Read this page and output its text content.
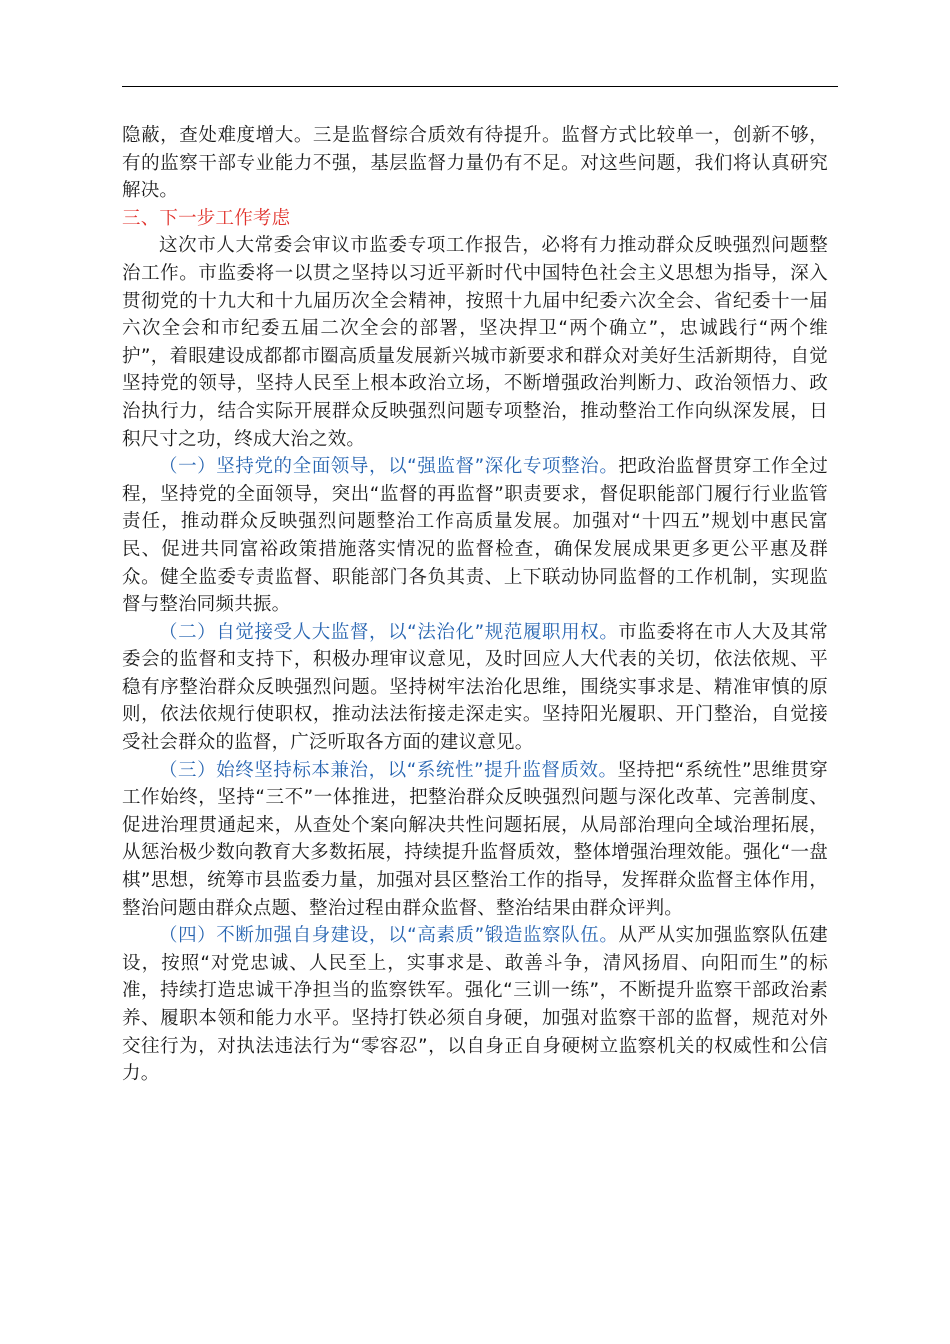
隐蔽，查处难度增大。三是监督综合质效有待提升。监督方式比较单一，创新不够，有的监察干部专业能力不强，基层监督力量仍有不足。对这些问题，我们将认真研究解决。

三、下一步工作考虑

这次市人大常委会审议市监委专项工作报告，必将有力推动群众反映强烈问题整治工作。市监委将一以贯之坚持以习近平新时代中国特色社会主义思想为指导，深入贯彻党的十九大和十九届历次全会精神，按照十九届中纪委六次全会、省纪委十一届六次全会和市纪委五届二次全会的部署，坚决捍卫“两个确立”，忠诚践行“两个维护”，着眼建设成都都市圈高质量发展新兴城市新要求和群众对美好生活新期待，自觉坚持党的领导，坚持人民至上根本政治立场，不断增强政治判断力、政治领悟力、政治执行力，结合实际开展群众反映强烈问题专项整治，推动整治工作向纵深发展，日积尺寸之功，终成大治之效。

（一）坚持党的全面领导，以“强监督”深化专项整治。把政治监督贯穿工作全过程，坚持党的全面领导，突出“监督的再监督”职责要求，督促职能部门履行行业监管责任，推动群众反映强烈问题整治工作高质量发展。加强对“十四五”规划中惠民富民、促进共同富裕政策措施落实情况的监督检查，确保发展成果更多更公平惠及群众。健全监委专责监督、职能部门各负其责、上下联动协同监督的工作机制，实现监督与整治同频共振。

（二）自觉接受人大监督，以“法治化”规范履职用权。市监委将在市人大及其常委会的监督和支持下，积极办理审议意见，及时回应人大代表的关切，依法依规、平稳有序整治群众反映强烈问题。坚持树牢法治化思维，围绕实事求是、精准审慎的原则，依法依规行使职权，推动法法衔接走深走实。坚持阳光履职、开门整治，自觉接受社会群众的监督，广泛听取各方面的建议意见。

（三）始终坚持标本兼治，以“系统性”提升监督质效。坚持把“系统性”思维贯穿工作始终，坚持“三不”一体推进，把整治群众反映强烈问题与深化改革、完善制度、促进治理贯通起来，从查处个案向解决共性问题拓展，从局部治理向全域治理拓展，从惩治极少数向教育大多数拓展，持续提升监督质效，整体增强治理效能。强化“一盘棋”思想，统筹市县监委力量，加强对县区整治工作的指导，发挥群众监督主体作用，整治问题由群众点题、整治过程由群众监督、整治结果由群众评判。

（四）不断加强自身建设，以“高素质”锻造监察队伍。从严从实加强监察队伍建设，按照“对党忠诚、人民至上，实事求是、敢善斗争，清风扬眉、向阳而生”的标准，持续打造忠诚干净担当的监察铁军。强化“三训一练”，不断提升监察干部政治素养、履职本领和能力水平。坚持打铁必须自身硬，加强对监察干部的监督，规范对外交往行为，对执法违法行为“零容忍”，以自身正自身硬树立监察机关的权威性和公信力。
